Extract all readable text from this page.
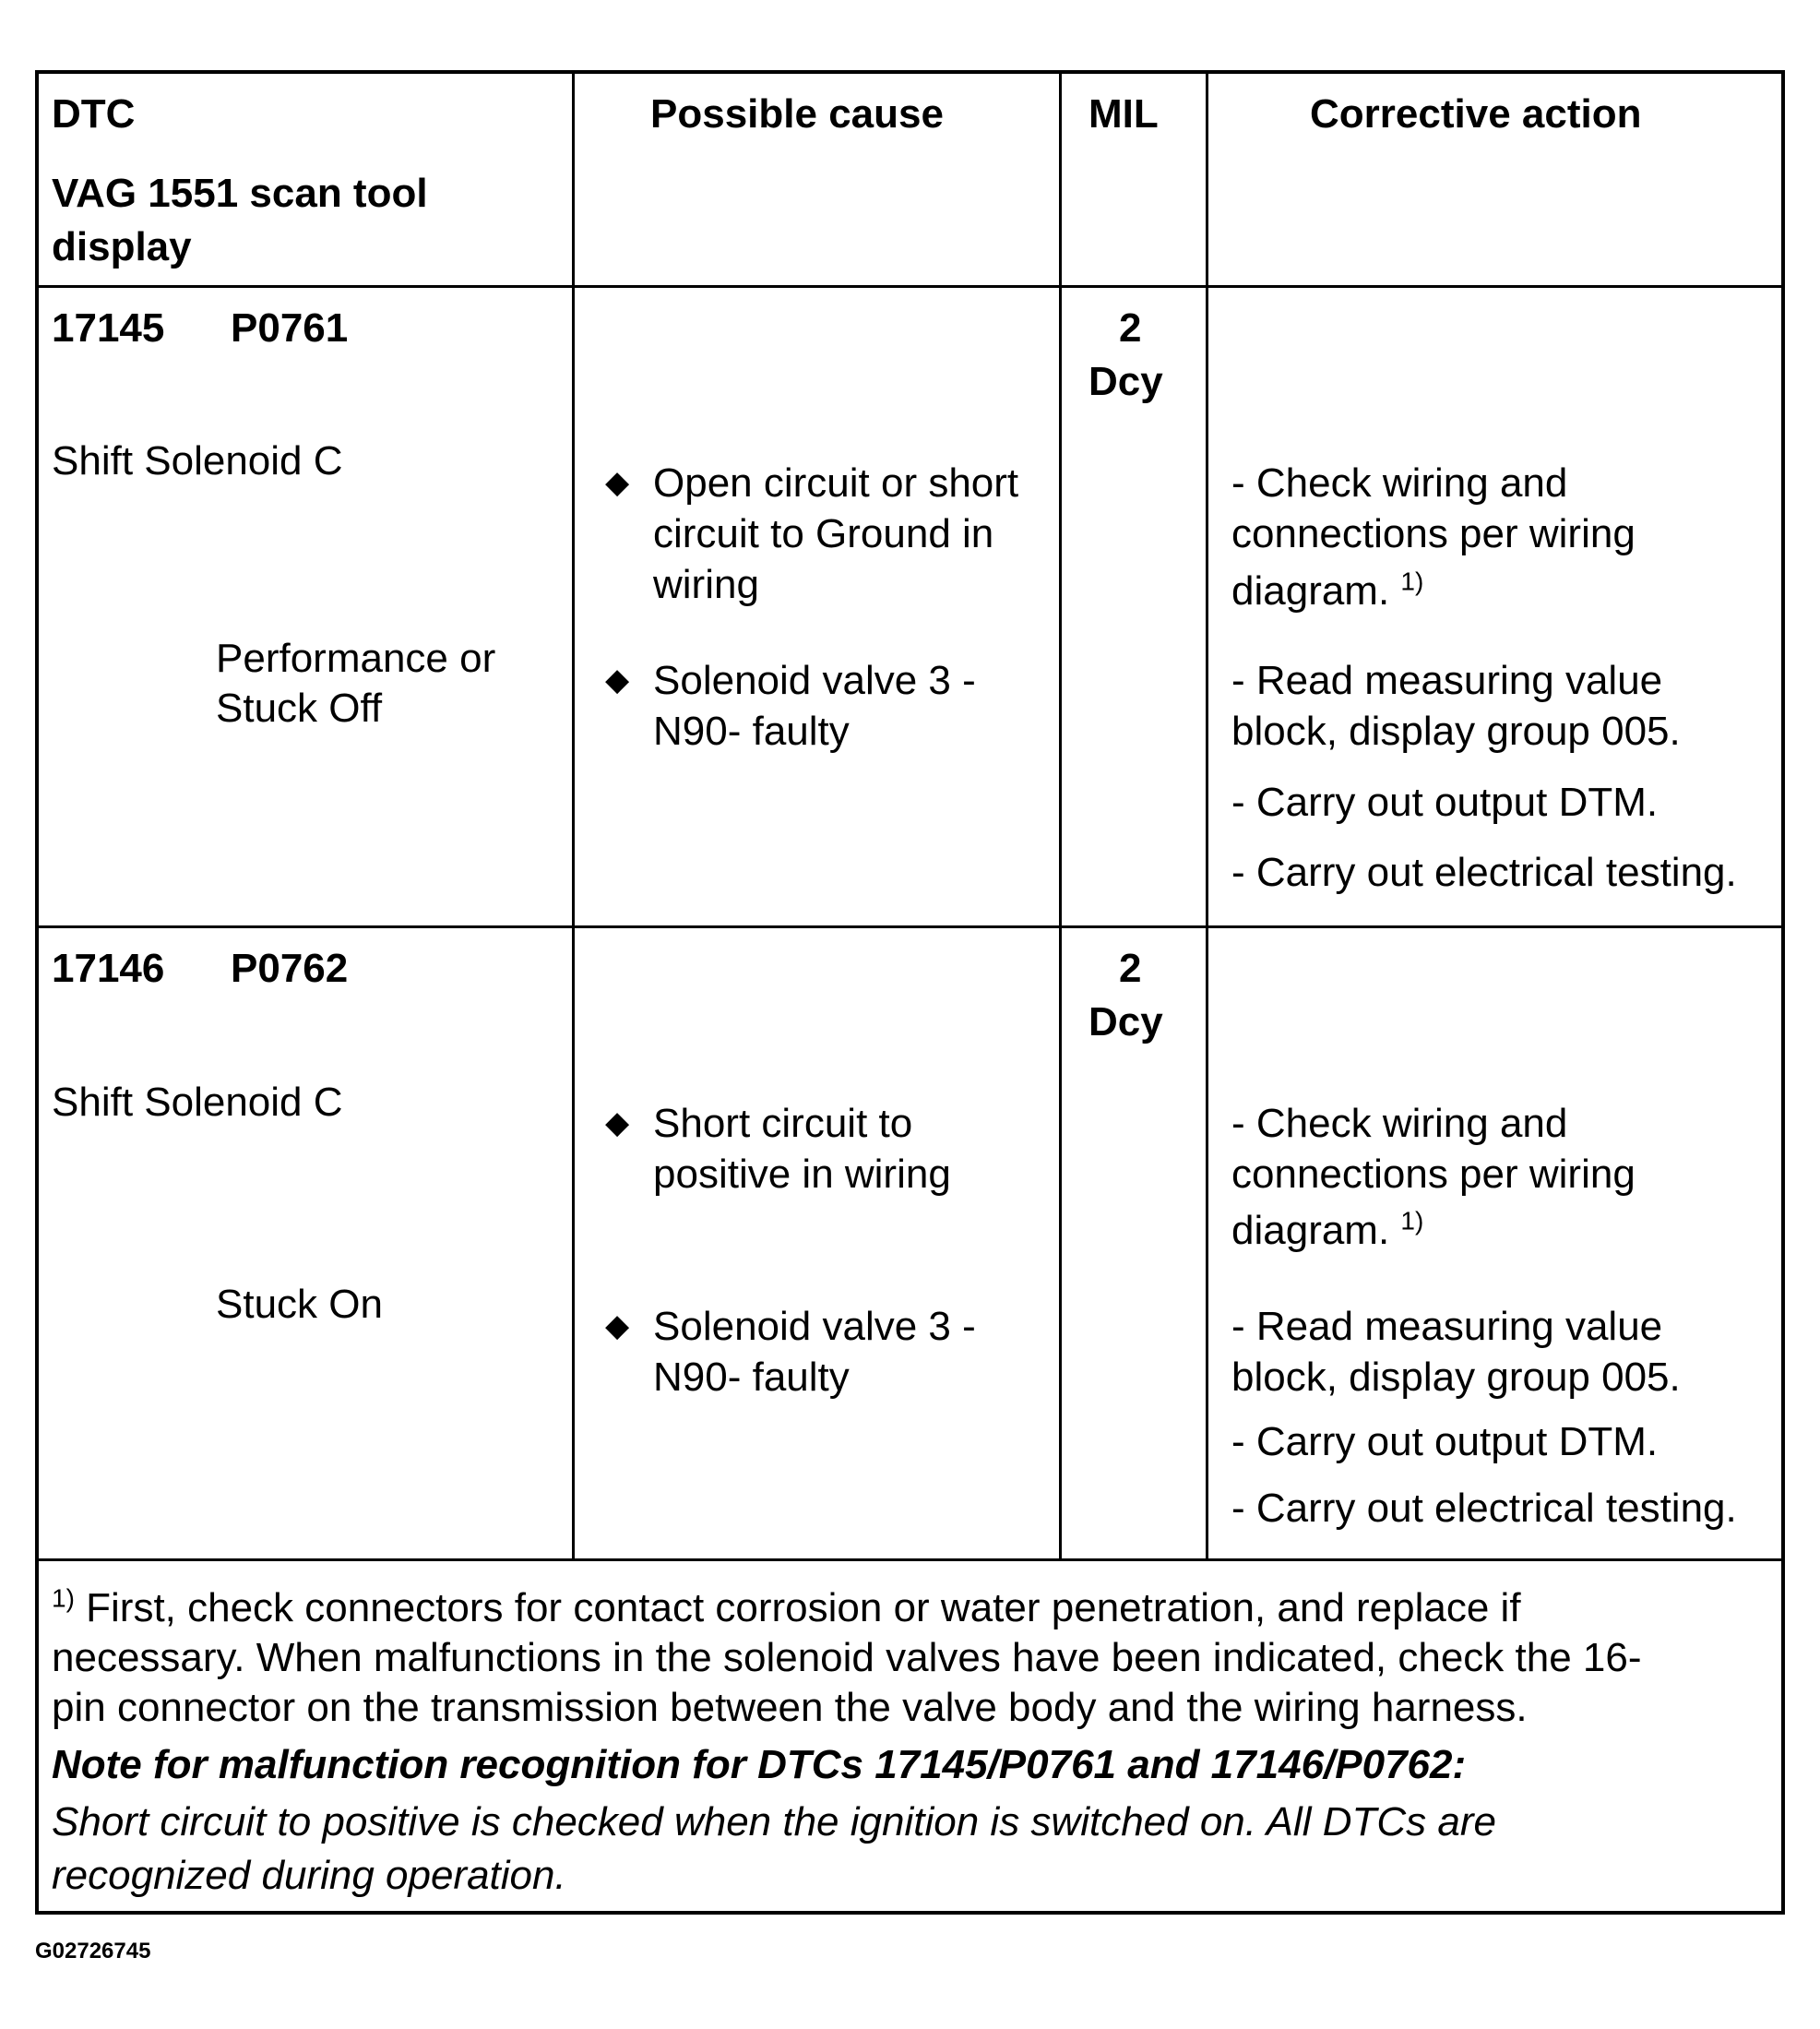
DTC
VAG 1551 scan tool
display
Possible cause	MIL	Corrective action
17145 P0761
Shift Solenoid C
Performance or
Stuck Off
2
Dcy
◆ Open circuit or short
circuit to Ground in
wiring
◆ Solenoid valve 3 -
N90- faulty
- Check wiring and
connections per wiring
diagram. $^{1)}$
- Read measuring value
block, display group 005.
- Carry out output DTM.
- Carry out electrical testing.
17146 P0762
Shift Solenoid C
Stuck On
2
Dcy
◆ Short circuit to
positive in wiring
◆ Solenoid valve 3 -
N90- faulty
- Check wiring and
connections per wiring
diagram. $^{1)}$
- Read measuring value
block, display group 005.
- Carry out output DTM.
- Carry out electrical testing.
$^{1)}$ First, check connectors for contact corrosion or water penetration, and replace if
necessary. When malfunctions in the solenoid valves have been indicated, check the 16-
pin connector on the transmission between the valve body and the wiring harness.
Note for malfunction recognition for DTCs 17145/P0761 and 17146/P0762:
Short circuit to positive is checked when the ignition is switched on. All DTCs are
recognized during operation.
G02726745
